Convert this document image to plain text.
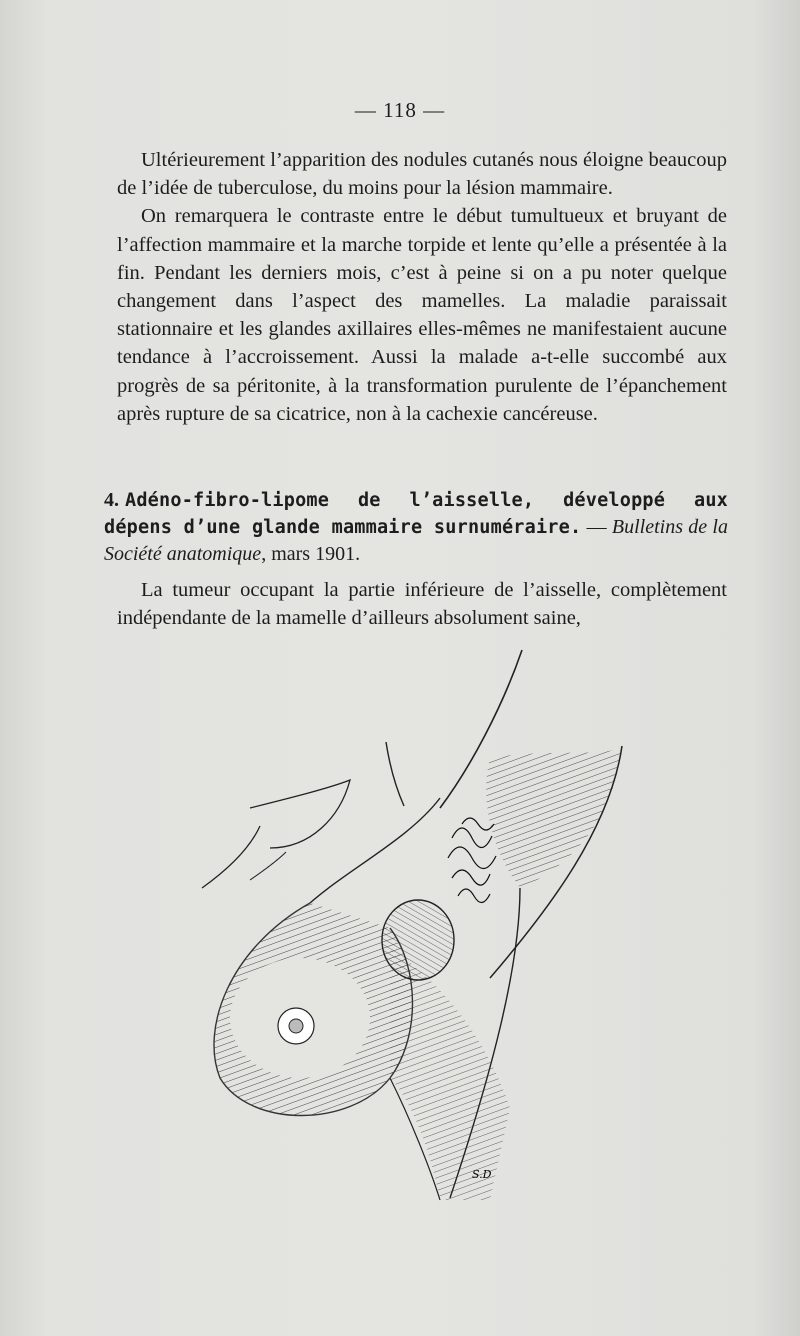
— 118 —

Ultérieurement l’apparition des nodules cutanés nous éloigne beaucoup de l’idée de tuberculose, du moins pour la lésion mammaire.

On remarquera le contraste entre le début tumultueux et bruyant de l’affection mammaire et la marche torpide et lente qu’elle a présentée à la fin. Pendant les derniers mois, c’est à peine si on a pu noter quelque changement dans l’aspect des mamelles. La maladie paraissait stationnaire et les glandes axillaires elles-mêmes ne manifestaient aucune tendance à l’accroissement. Aussi la malade a-t-elle succombé aux progrès de sa péritonite, à la transformation purulente de l’épanchement après rupture de sa cicatrice, non à la cachexie cancéreuse.

4. Adéno-fibro-lipome de l’aisselle, développé aux dépens d’une glande mammaire surnuméraire. — Bulletins de la Société anatomique, mars 1901.

La tumeur occupant la partie inférieure de l’aisselle, complètement indépendante de la mamelle d’ailleurs absolument saine,

S.D
